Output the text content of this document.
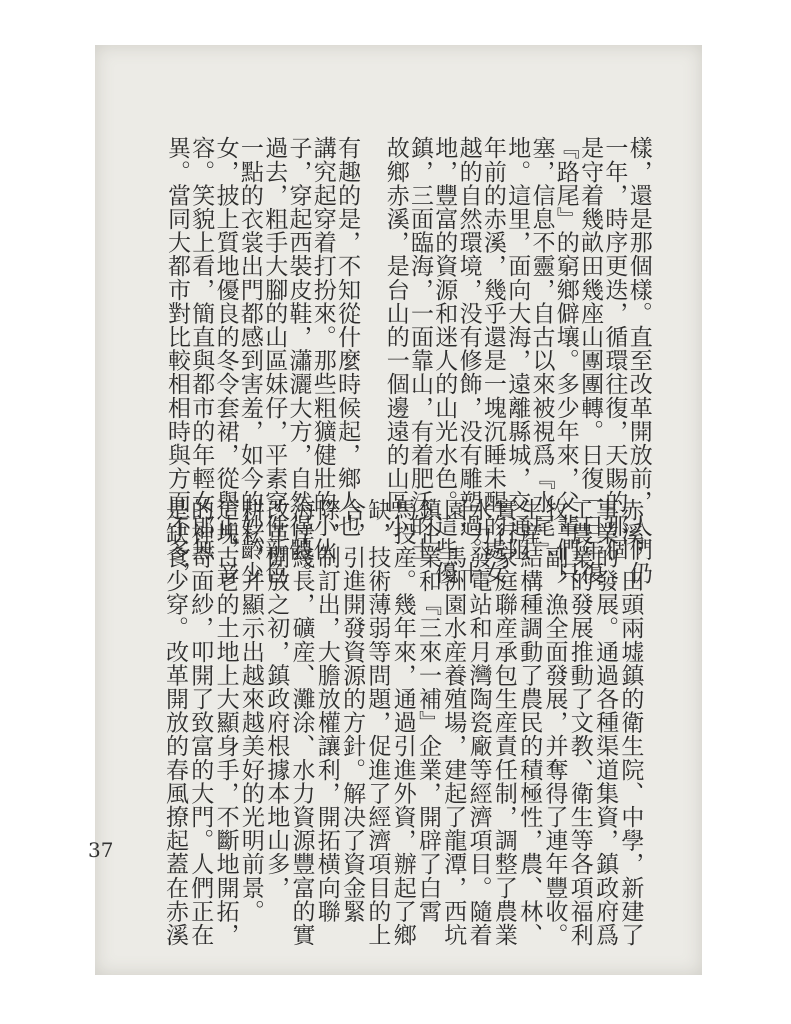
異。當同大都市對比較相相時與方面不多，
容。笑貌上看，簡直與都市的年輕女郎無
女，披上質地優良的冬令套裙，從舉止，音
一點的衣裳出門都感到害羞，如今的妙齡少
過去，粗手大腳的山區妹仔，平素穿件新色
子，穿起西裝皮鞋，瀟灑大方，自然得體。
講究起穿着打扮來。那些粗獷健壯的小伙
有趣的是，不知從什麼時候起，鄉人也 故鄉赤溪，是台山的一個邊遠的山區小
鎮，三面臨海，一面靠山，有着肥沃的土
地，豐富的資源和迷人的山光水色。這些優
越的自然環境，没有修飾，没有雕塑過。十
年前的赤溪，幾乎還是一塊沉睡未醒的處女
地。這里，面向大海，遠離縣城，交通阻
塞，信息不靈，自古以來被視爲『水尾』、
『路尾』的窮鄉僻壤。多少年來，父輩們只
是守着幾畝田幾座山團團轉。日復一日年復
一年，時序更迭，循環往復，天賜的那個
樣，還是那個樣。直至改革開放前，人們仍
是缺食少穿。改革開放的春風撩起蓋在赤溪 的神奇面紗，叩開了致富的大門。人們正在 這塊古老的土地上大顯身手，不斷地開拓， 耕耘，并顯示出越來越美好的光明前景。 改革開放之初，鎮政府根據本地山多， 海岸綫長，礦産、灘涂、水力資源豐富的實 際，制訂出，大膽放權讓利，開拓横向聯 合，引進開發資源的方針。解决了資金緊 缺，技術薄弱等問題，促進了經濟項目的上 馬投産。幾年來，通過引進外資，辦起了鄉 鎮企業和『三來一補』企業，開辟了白霄 園，馬洲園水産養殖場，建起了龍潭，西坑 水力發電站和月灣陶瓷廠等經濟項目。隨着 實行家庭聯産承包生産責任制，調整了農業 生産結構種調動了農民的積極性，農、林、 牧、副、漁全面發展，并奪得了連年豐收。 工農業的發展推動了文教、衛生等各項福利 事業的發展。通過各種渠道集資，鎮政府爲 赤溪，田頭兩墟鎮的衛生院、中學，新建了
37
